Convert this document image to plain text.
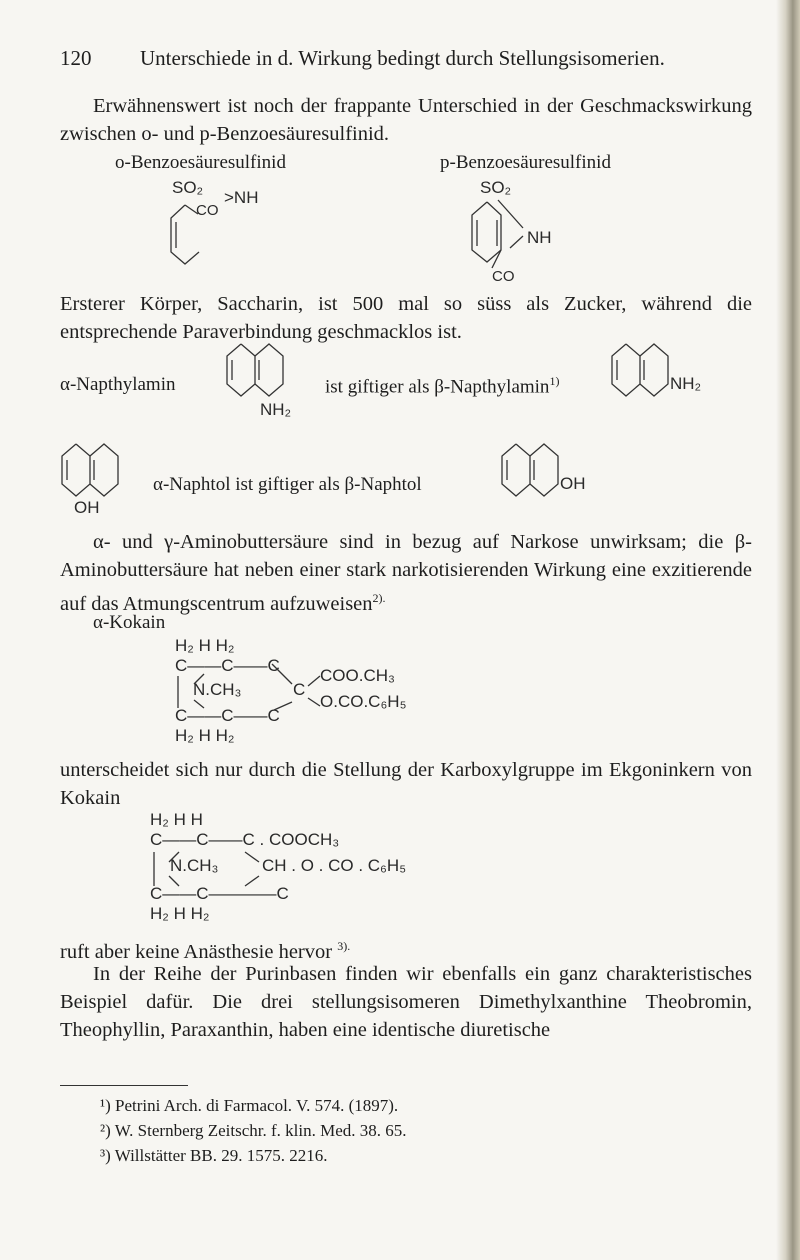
120 Unterschiede in d. Wirkung bedingt durch Stellungsisomerien.
Erwähnenswert ist noch der frappante Unterschied in der Geschmackswirkung zwischen o- und p-Benzoesäuresulfinid.
o-Benzoesäuresulfinid	p-Benzoesäuresulfinid
SO₂
CO
>NH
SO₂
NH
CO
Ersterer Körper, Saccharin, ist 500 mal so süss als Zucker, während die entsprechende Paraverbindung geschmacklos ist.
α-Napthylamin
NH₂
ist giftiger als β-Napthylamin$^{1)}$	NH₂
OH
α-Naphtol ist giftiger als β-Naphtol	OH
α- und γ-Aminobuttersäure sind in bezug auf Narkose unwirksam; die β-Aminobuttersäure hat neben einer stark narkotisierenden Wirkung eine exzitierende auf das Atmungscentrum aufzuweisen$^{2).}$
α-Kokain
H₂ H H₂
C——C——C
N.CH₃	C
COO.CH₃
O.CO.C₆H₅
C——C——C
H₂ H H₂
unterscheidet sich nur durch die Stellung der Karboxylgruppe im Ekgoninkern von Kokain
H₂ H H
C——C——C . COOCH₃
N.CH₃	CH . O . CO . C₆H₅
C——C————C
H₂ H H₂
ruft aber keine Anästhesie hervor $^{3).}$
In der Reihe der Purinbasen finden wir ebenfalls ein ganz charakteristisches Beispiel dafür. Die drei stellungsisomeren Dimethylxanthine Theobromin, Theophyllin, Paraxanthin, haben eine identische diuretische
¹) Petrini Arch. di Farmacol. V. 574. (1897).
²) W. Sternberg Zeitschr. f. klin. Med. 38. 65.
³) Willstätter BB. 29. 1575. 2216.
